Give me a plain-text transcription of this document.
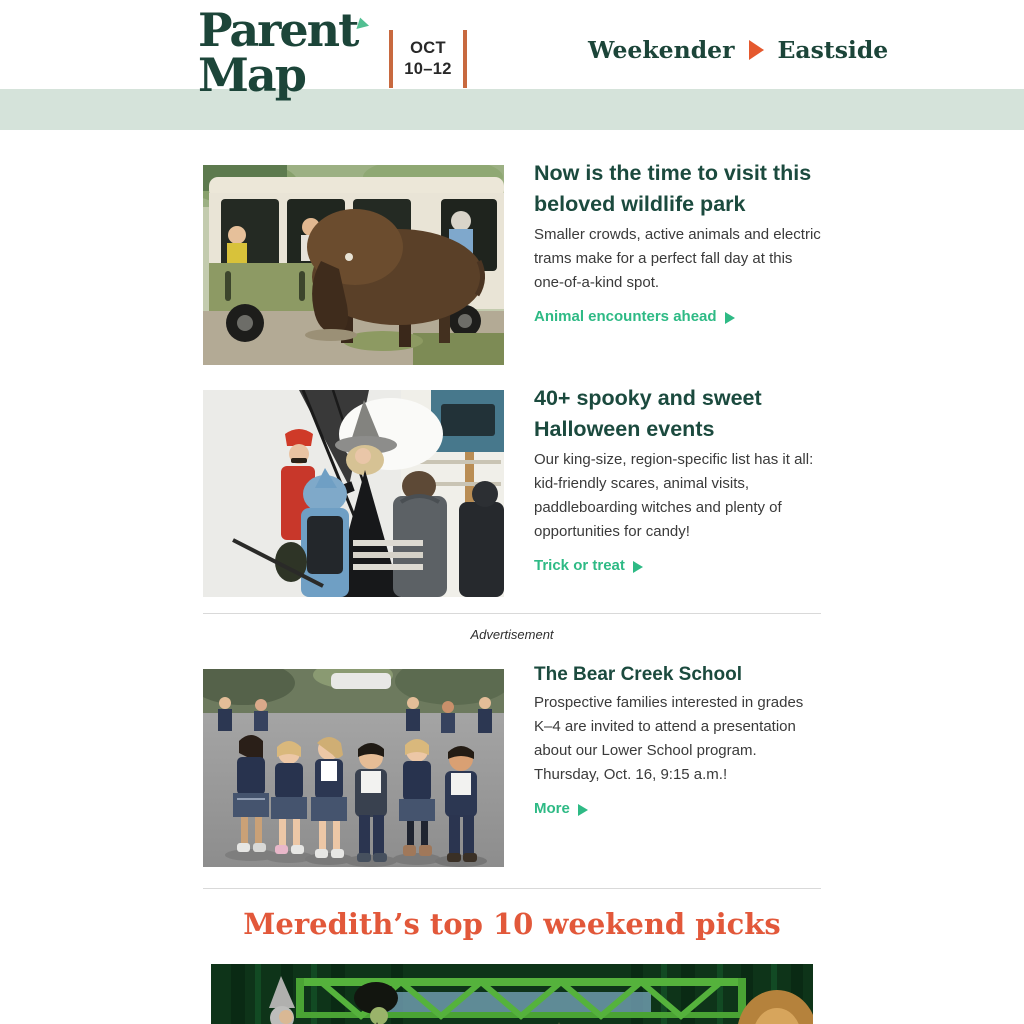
Parent
Map	OCT
10–12
Weekender Eastside
Now is the time to visit this beloved wildlife park

Smaller crowds, active animals and electric trams make for a perfect fall day at this one-of-a-kind spot.

Animal encounters ahead
40+ spooky and sweet Halloween events

Our king-size, region-specific list has it all: kid-friendly scares, animal visits, paddleboarding witches and plenty of opportunities for candy!

Trick or treat
Advertisement
The Bear Creek School

Prospective families interested in grades K–4 are invited to attend a presentation about our Lower School program. Thursday, Oct. 16, 9:15 a.m.!

More
Meredith’s top 10 weekend picks
